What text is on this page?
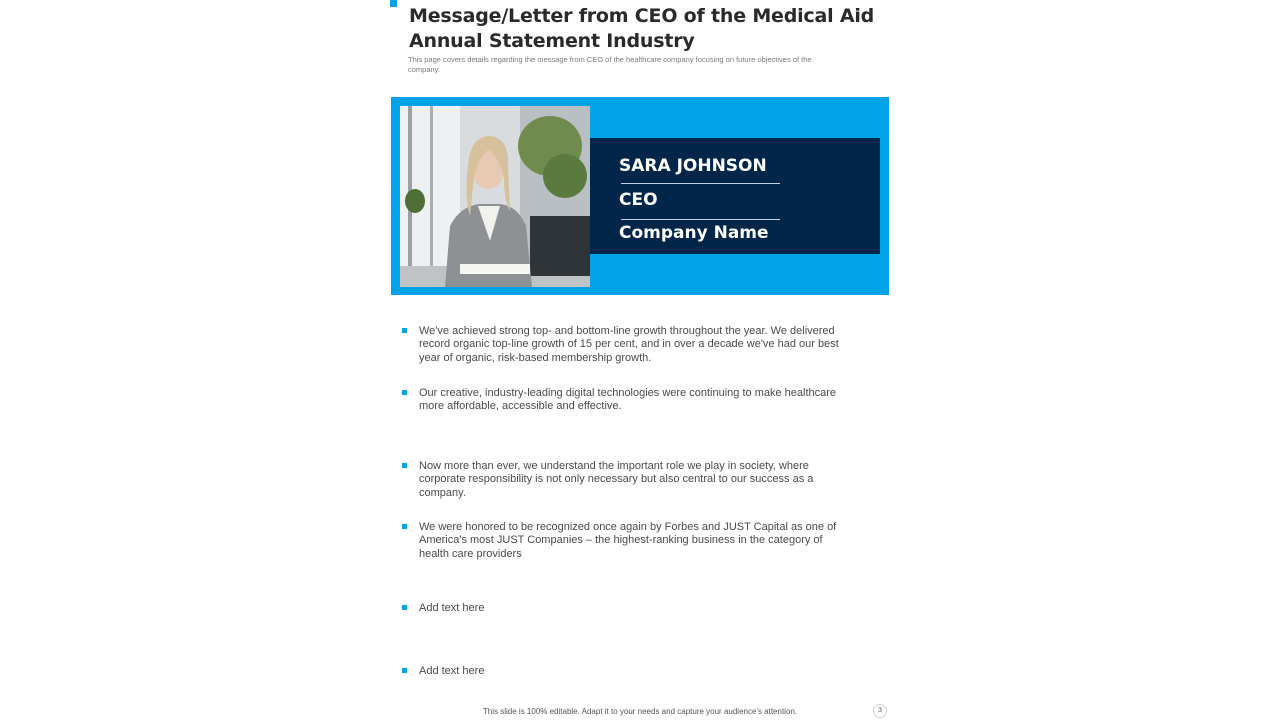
Message/Letter from CEO of the Medical Aid Annual Statement Industry

This page covers details regarding the message from CEO of the healthcare company focusing on future objectives of the company.

SARA JOHNSON

CEO

Company Name

We've achieved strong top- and bottom-line growth throughout the year. We delivered record organic top-line growth of 15 per cent, and in over a decade we've had our best year of organic, risk-based membership growth.

Our creative, industry-leading digital technologies were continuing to make healthcare more affordable, accessible and effective.

Now more than ever, we understand the important role we play in society, where corporate responsibility is not only necessary but also central to our success as a company.

We were honored to be recognized once again by Forbes and JUST Capital as one of America's most JUST Companies – the highest-ranking business in the category of health care providers

Add text here

Add text here

This slide is 100% editable. Adapt it to your needs and capture your audience's attention.	3
